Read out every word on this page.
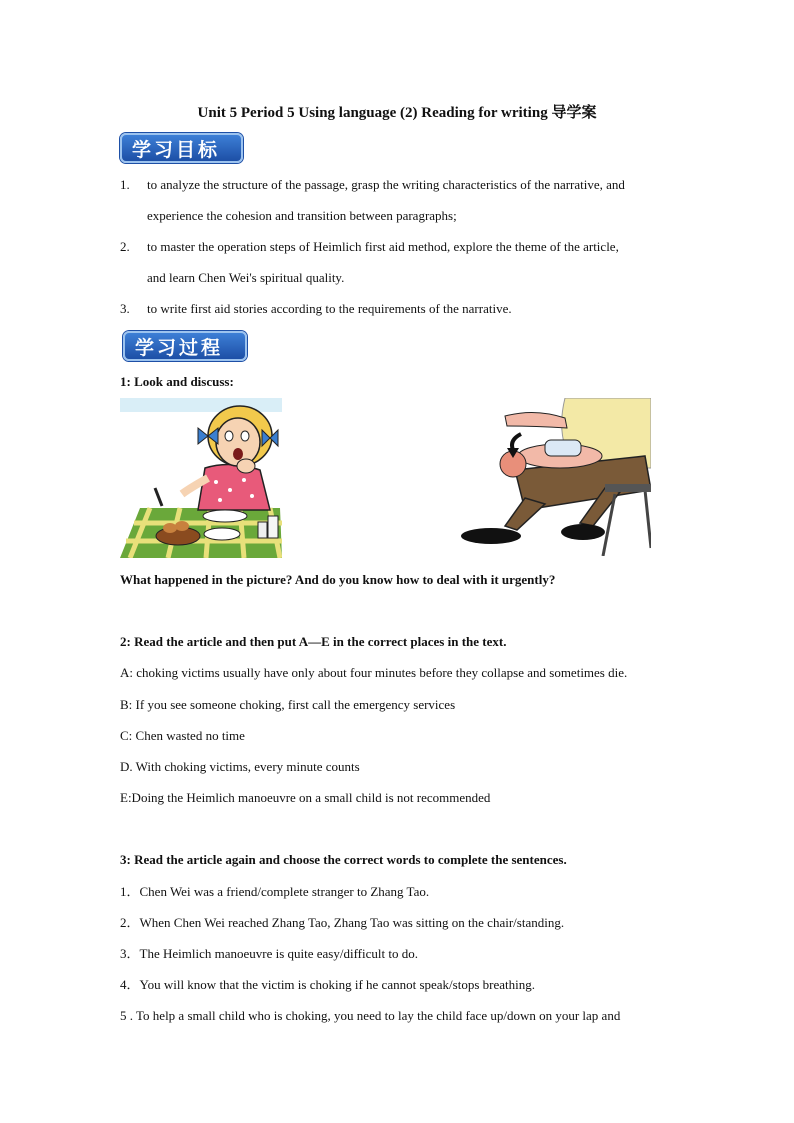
Unit 5 Period 5 Using language (2) Reading for writing 导学案
学习目标
1. to analyze the structure of the passage, grasp the writing characteristics of the narrative, and
experience the cohesion and transition between paragraphs;
2. to master the operation steps of Heimlich first aid method, explore the theme of the article,
and learn Chen Wei's spiritual quality.
3. to write first aid stories according to the requirements of the narrative.
学习过程
1: Look and discuss:
What happened in the picture? And do you know how to deal with it urgently?
2: Read the article and then put A—E in the correct places in the text.
A: choking victims usually have only about four minutes before they collapse and sometimes die.
B: If you see someone choking, first call the emergency services
C: Chen wasted no time
D. With choking victims, every minute counts
E:Doing the Heimlich manoeuvre on a small child is not recommended
3: Read the article again and choose the correct words to complete the sentences.
1．Chen Wei was a friend/complete stranger to Zhang Tao.
2．When Chen Wei reached Zhang Tao, Zhang Tao was sitting on the chair/standing.
3．The Heimlich manoeuvre is quite easy/difficult to do.
4．You will know that the victim is choking if he cannot speak/stops breathing.
5 . To help a small child who is choking, you need to lay the child face up/down on your lap and
